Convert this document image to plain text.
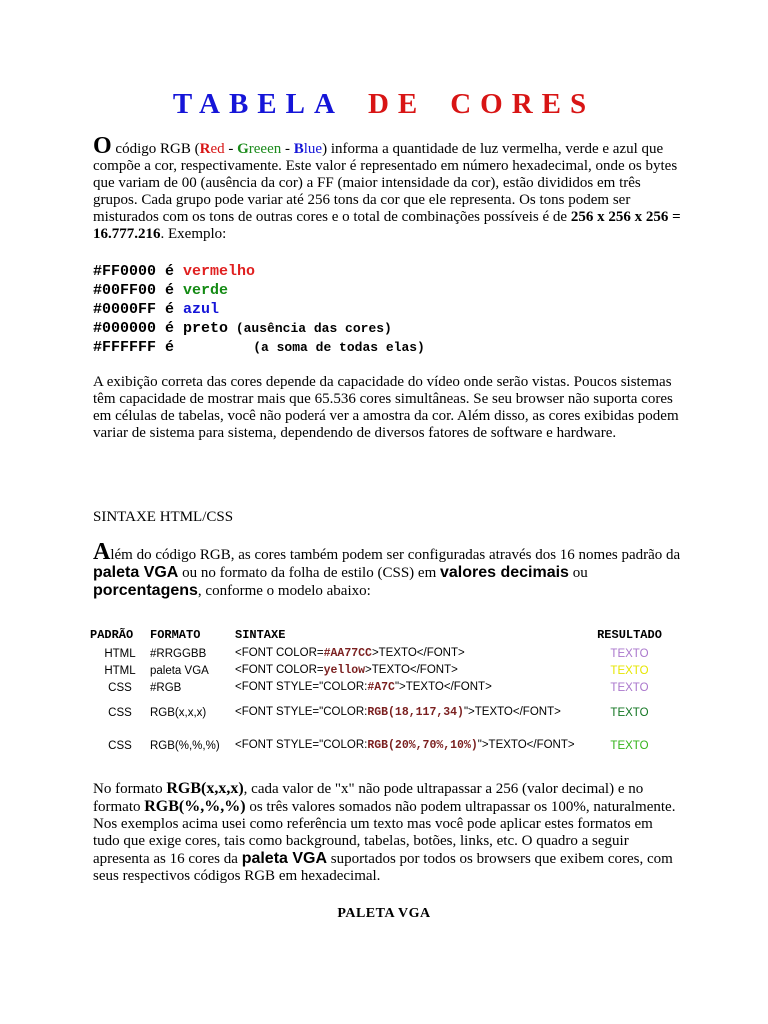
TABELA DE CORES

O código RGB (Red - Greeen - Blue) informa a quantidade de luz vermelha, verde e azul que compõe a cor, respectivamente. Este valor é representado em número hexadecimal, onde os bytes que variam de 00 (ausência da cor) a FF (maior intensidade da cor), estão divididos em três grupos. Cada grupo pode variar até 256 tons da cor que ele representa. Os tons podem ser misturados com os tons de outras cores e o total de combinações possíveis é de 256 x 256 x 256 = 16.777.216. Exemplo:

#FF0000 é vermelho
#00FF00 é verde
#0000FF é azul
#000000 é preto (ausência das cores)
#FFFFFF é          (a soma de todas elas)

A exibição correta das cores depende da capacidade do vídeo onde serão vistas. Poucos sistemas têm capacidade de mostrar mais que 65.536 cores simultâneas. Se seu browser não suporta cores em células de tabelas, você não poderá ver a amostra da cor. Além disso, as cores exibidas podem variar de sistema para sistema, dependendo de diversos fatores de software e hardware.

SINTAXE HTML/CSS

Além do código RGB, as cores também podem ser configuradas através dos 16 nomes padrão da paleta VGA ou no formato da folha de estilo (CSS) em valores decimais ou porcentagens, conforme o modelo abaixo:

PADRÃO	FORMATO	SINTAXE	RESULTADO
HTML	#RRGGBB	<FONT COLOR=#AA77CC>TEXTO</FONT>	TEXTO
HTML	paleta VGA	<FONT COLOR=yellow>TEXTO</FONT>	TEXTO
CSS	#RGB	<FONT STYLE="COLOR:#A7C">TEXTO</FONT>	TEXTO
CSS	RGB(x,x,x)	<FONT STYLE="COLOR:RGB(18,117,34)">TEXTO</FONT>	TEXTO
CSS	RGB(%,%,%)	<FONT STYLE="COLOR:RGB(20%,70%,10%)">TEXTO</FONT>	TEXTO

No formato RGB(x,x,x), cada valor de "x" não pode ultrapassar a 256 (valor decimal) e no formato RGB(%,%,%) os três valores somados não podem ultrapassar os 100%, naturalmente. Nos exemplos acima usei como referência um texto mas você pode aplicar estes formatos em tudo que exige cores, tais como background, tabelas, botões, links, etc. O quadro a seguir apresenta as 16 cores da paleta VGA suportados por todos os browsers que exibem cores, com seus respectivos códigos RGB em hexadecimal.

PALETA VGA
